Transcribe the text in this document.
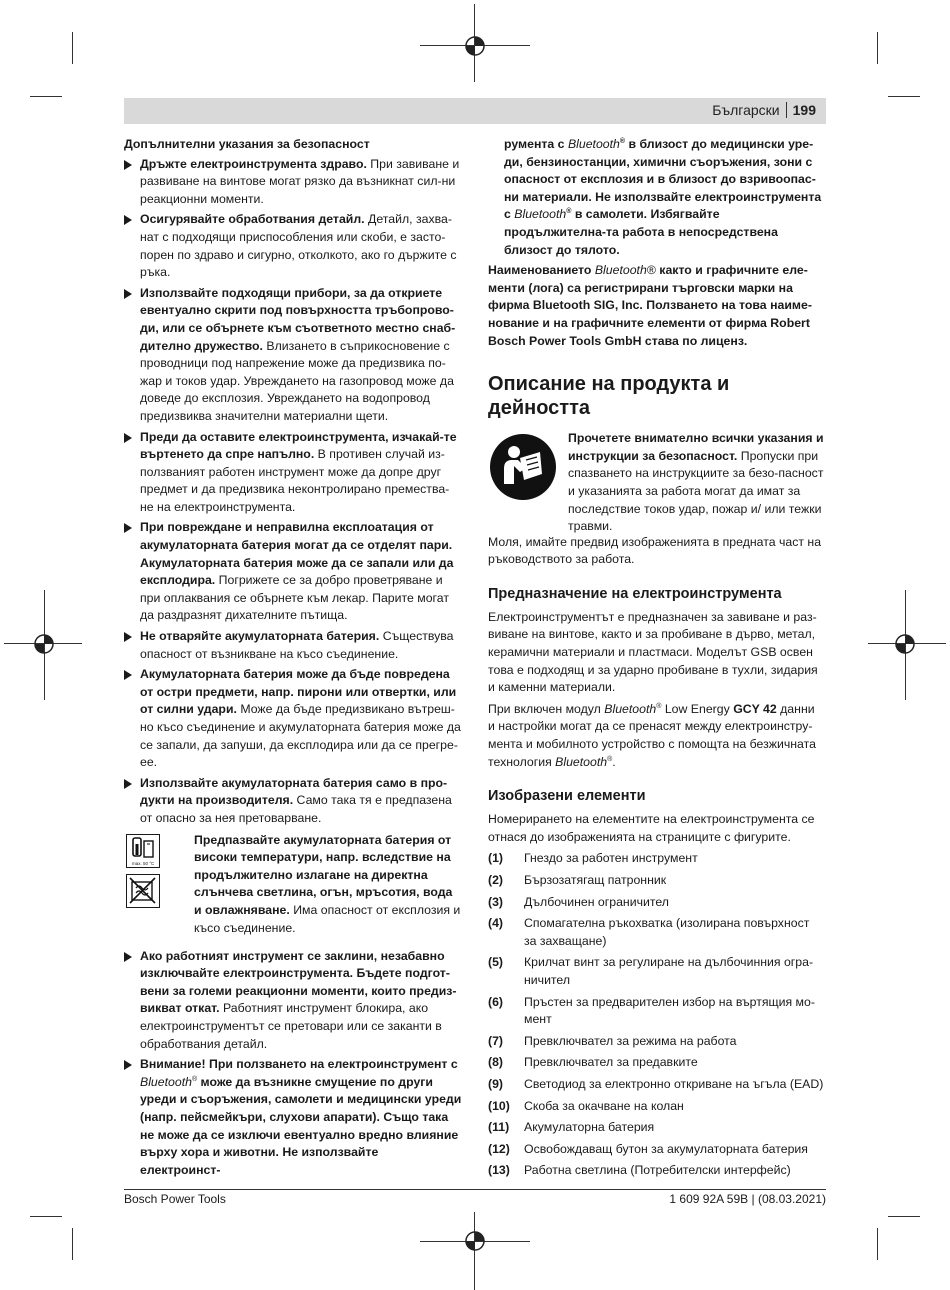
Български 199
Допълнителни указания за безопасност
Дръжте електроинструмента здраво. При завиване и развиване на винтове могат рязко да възникнат сил-ни реакционни моменти.
Осигурявайте обработвания детайл. Детайл, захва-нат с подходящи приспособления или скоби, е засто-порен по здраво и сигурно, отколкото, ако го държите с ръка.
Използвайте подходящи прибори, за да откриете евентуално скрити под повърхността тръбопрово-ди, или се обърнете към съответното местно снаб-дително дружество. Влизането в съприкосновение с проводници под напрежение може да предизвика по-жар и токов удар. Увреждането на газопровод може да доведе до експлозия. Увреждането на водопровод предизвиква значителни материални щети.
Преди да оставите електроинструмента, изчакай-те въртенето да спре напълно. В противен случай из-ползваният работен инструмент може да допре друг предмет и да предизвика неконтролирано премества-не на електроинструмента.
При повреждане и неправилна експлоатация от акумулаторната батерия могат да се отделят пари. Акумулаторната батерия може да се запали или да експлодира. Погрижете се за добро проветряване и при оплаквания се обърнете към лекар. Парите могат да раздразнят дихателните пътища.
Не отваряйте акумулаторната батерия. Съществува опасност от възникване на късо съединение.
Акумулаторната батерия може да бъде повредена от остри предмети, напр. пирони или отвертки, или от силни удари. Може да бъде предизвикано вътреш-но късо съединение и акумулаторната батерия може да се запали, да запуши, да експлодира или да се прегре-ее.
Използвайте акумулаторната батерия само в про-дукти на производителя. Само така тя е предпазена от опасно за нея претоварване.
max. 50 °C
Предпазвайте акумулаторната батерия от високи температури, напр. вследствие на продължително излагане на директна слънчева светлина, огън, мръсотия, вода и овлажняване. Има опасност от експлозия и късо съединение.
Ако работният инструмент се заклини, незабавно изключвайте електроинструмента. Бъдете подгот-вени за големи реакционни моменти, които предиз-викват откат. Работният инструмент блокира, ако електроинструментът се претовари или се заканти в обработвания детайл.
Внимание! При ползването на електроинструмент с Bluetooth® може да възникне смущение по други уреди и съоръжения, самолети и медицински уреди (напр. пейсмейкъри, слухови апарати). Също така не може да се изключи евентуално вредно влияние върху хора и животни. Не използвайте електроинст-
румента с Bluetooth® в близост до медицински уре-ди, бензиностанции, химични съоръжения, зони с опасност от експлозия и в близост до взривоопас-ни материали. Не използвайте електроинструмента с Bluetooth® в самолети. Избягвайте продължителна-та работа в непосредствена близост до тялото.
Наименованието Bluetooth® както и графичните еле-менти (лога) са регистрирани търговски марки на фирма Bluetooth SIG, Inc. Ползването на това наиме-нование и на графичните елементи от фирма Robert Bosch Power Tools GmbH става по лиценз.
Описание на продукта и дейността
Прочетете внимателно всички указания и инструкции за безопасност. Пропуски при спазването на инструкциите за безо-пасност и указанията за работа могат да имат за последствие токов удар, пожар и/ или тежки травми.
Моля, имайте предвид изображенията в предната част на ръководството за работа.
Предназначение на електроинструмента
Електроинструментът е предназначен за завиване и раз-виване на винтове, както и за пробиване в дърво, метал, керамични материали и пластмаси. Моделът GSB освен това е подходящ и за ударно пробиване в тухли, зидария и каменни материали.
При включен модул Bluetooth® Low Energy GCY 42 данни и настройки могат да се пренасят между електроинстру-мента и мобилното устройство с помощта на безжичната технология Bluetooth®.
Изобразени елементи
Номерирането на елементите на електроинструмента се отнася до изображенията на страниците с фигурите.
(1)	Гнездо за работен инструмент
(2)	Бързозатягащ патронник
(3)	Дълбочинен ограничител
(4)	Спомагателна ръкохватка (изолирана повърхност за захващане)
(5)	Крилчат винт за регулиране на дълбочинния огра-ничител
(6)	Пръстен за предварителен избор на въртящия мо-мент
(7)	Превключвател за режима на работа
(8)	Превключвател за предавките
(9)	Светодиод за електронно откриване на ъгъла (EAD)
(10)	Скоба за окачване на колан
(11)	Акумулаторна батерия
(12)	Освобождаващ бутон за акумулаторната батерия
(13)	Работна светлина (Потребителски интерфейс)
Bosch Power Tools	1 609 92A 59B | (08.03.2021)
